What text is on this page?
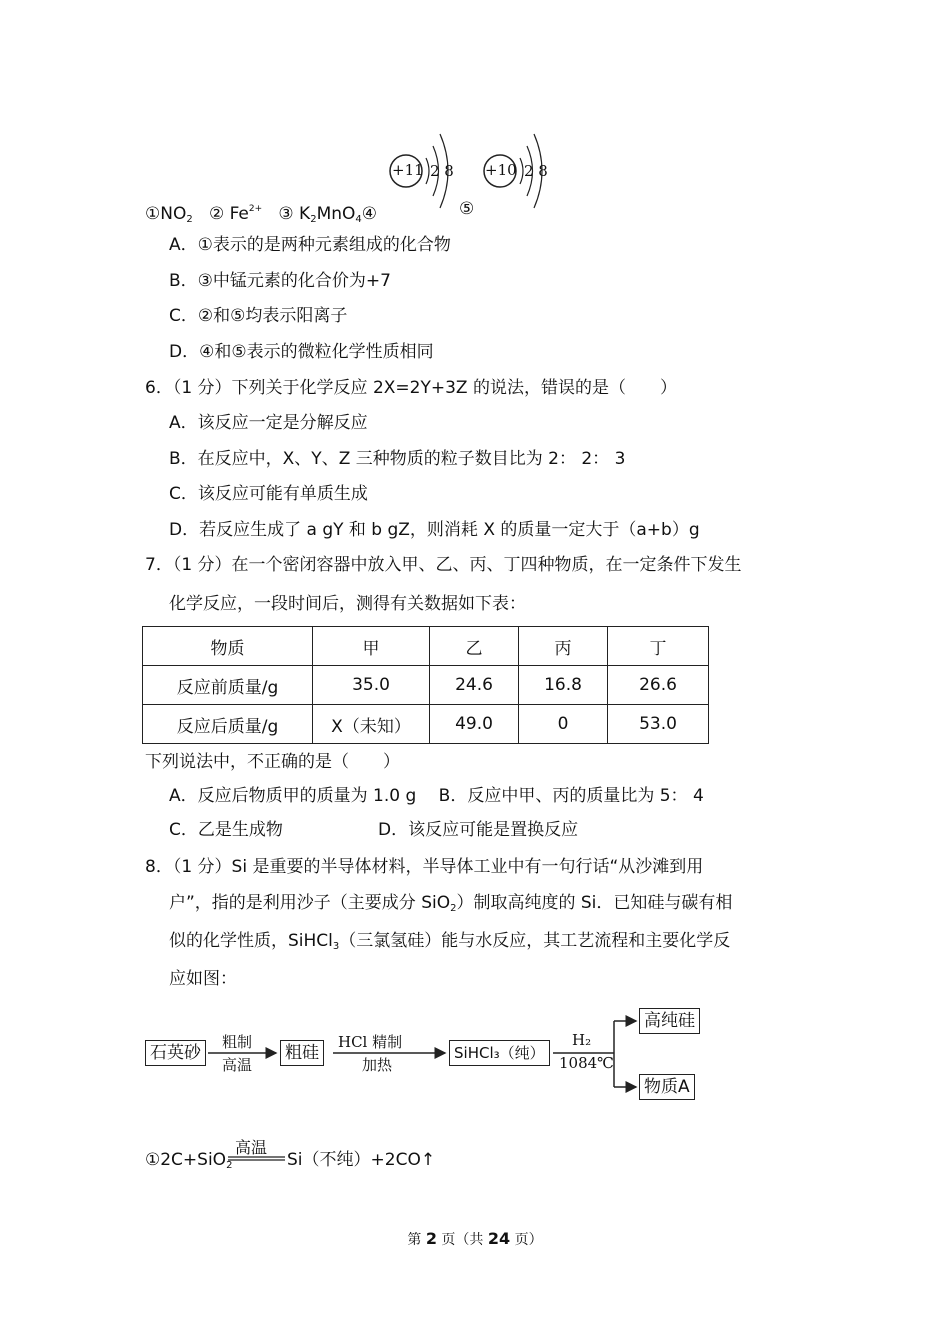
+11 2 8 +10 2 8
$①NO_2$ ② $Fe^{2+}$ ③ $K_2MnO_4④$	⑤
A．①表示的是两种元素组成的化合物
B．③中锰元素的化合价为+7
C．②和⑤均表示阳离子
D．④和⑤表示的微粒化学性质相同
6．（1 分）下列关于化学反应 2X=2Y+3Z 的说法，错误的是（　　）
A．该反应一定是分解反应
B．在反应中，X、Y、Z 三种物质的粒子数目比为 2： 2： 3
C．该反应可能有单质生成
D．若反应生成了 a gY 和 b gZ，则消耗 X 的质量一定大于（a+b）g
7．（1 分）在一个密闭容器中放入甲、乙、丙、丁四种物质，在一定条件下发生
化学反应，一段时间后，测得有关数据如下表：
物质	甲	乙	丙	丁
反应前质量/g	35.0	24.6	16.8	26.6
反应后质量/g	X（未知）	49.0	0	53.0
下列说法中，不正确的是（　　）
A．反应后物质甲的质量为 1.0 g　 B．反应中甲、丙的质量比为 5： 4
C．乙是生成物	D．该反应可能是置换反应
8．（1 分）Si 是重要的半导体材料，半导体工业中有一句行话“从沙滩到用
户”，指的是利用沙子（主要成分 SiO$_2$）制取高纯度的 Si．已知硅与碳有相
似的化学性质，SiHCl$_3$（三氯氢硅）能与水反应，其工艺流程和主要化学反
应如图：
石英砂
粗制
高温
粗硅
HCl 精制
加热
SiHCl₃（纯）
H₂
1084℃
高纯硅
物质A
①2C+SiO$_2$
高温
Si（不纯）+2CO↑
第 2 页（共 24 页）
